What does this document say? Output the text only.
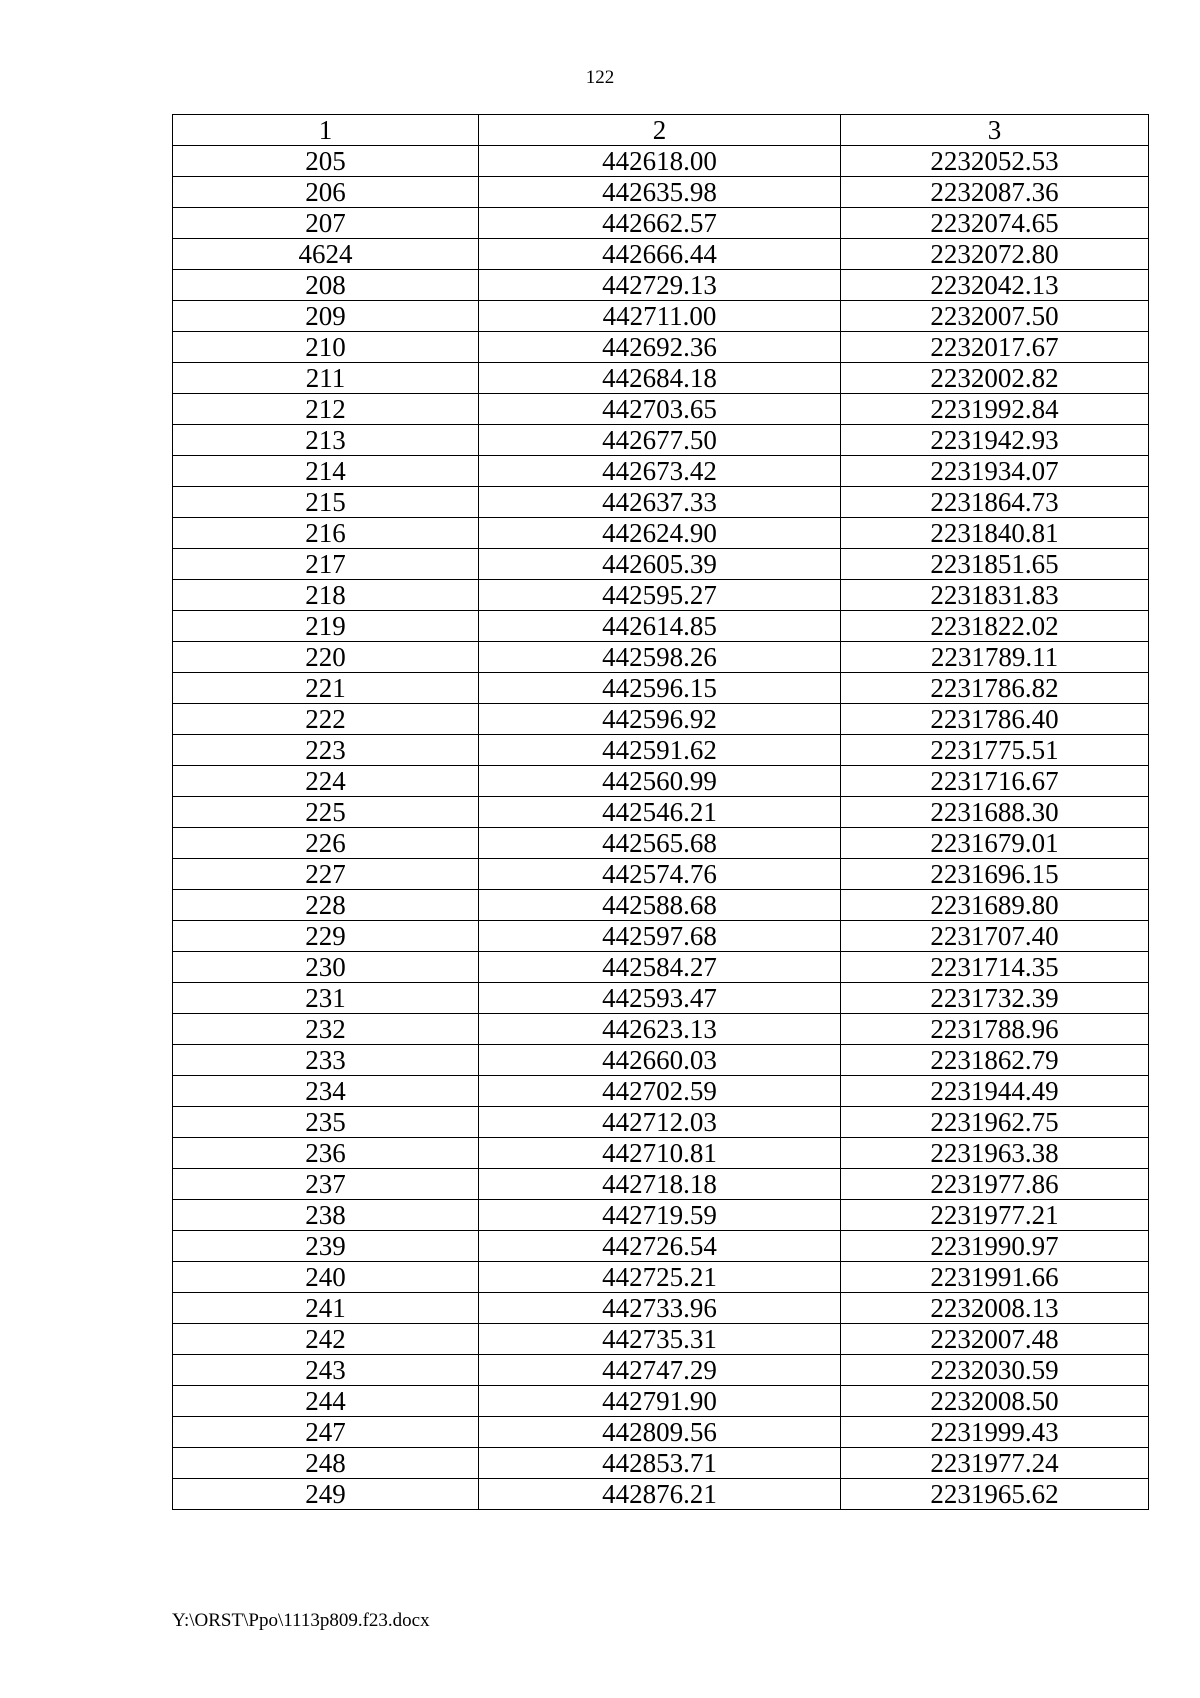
122
1	2	3
205	442618.00	2232052.53
206	442635.98	2232087.36
207	442662.57	2232074.65
4624	442666.44	2232072.80
208	442729.13	2232042.13
209	442711.00	2232007.50
210	442692.36	2232017.67
211	442684.18	2232002.82
212	442703.65	2231992.84
213	442677.50	2231942.93
214	442673.42	2231934.07
215	442637.33	2231864.73
216	442624.90	2231840.81
217	442605.39	2231851.65
218	442595.27	2231831.83
219	442614.85	2231822.02
220	442598.26	2231789.11
221	442596.15	2231786.82
222	442596.92	2231786.40
223	442591.62	2231775.51
224	442560.99	2231716.67
225	442546.21	2231688.30
226	442565.68	2231679.01
227	442574.76	2231696.15
228	442588.68	2231689.80
229	442597.68	2231707.40
230	442584.27	2231714.35
231	442593.47	2231732.39
232	442623.13	2231788.96
233	442660.03	2231862.79
234	442702.59	2231944.49
235	442712.03	2231962.75
236	442710.81	2231963.38
237	442718.18	2231977.86
238	442719.59	2231977.21
239	442726.54	2231990.97
240	442725.21	2231991.66
241	442733.96	2232008.13
242	442735.31	2232007.48
243	442747.29	2232030.59
244	442791.90	2232008.50
247	442809.56	2231999.43
248	442853.71	2231977.24
249	442876.21	2231965.62
Y:\ORST\Ppo\1113p809.f23.docx
